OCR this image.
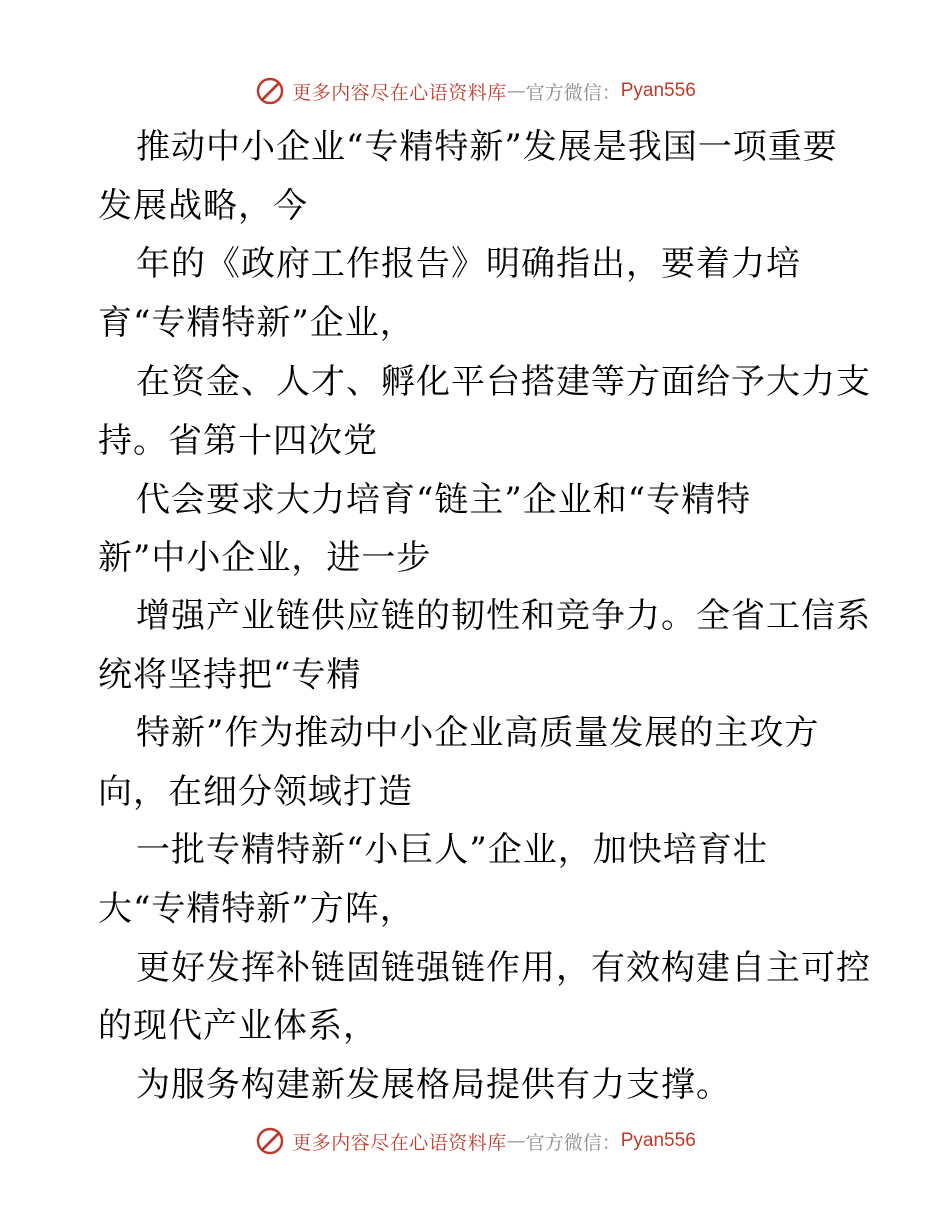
更多内容尽在心语资料库 — 官方微信： Pyan556
推动中小企业“专精特新”发展是我国一项重要
发展战略，今
年的《政府工作报告》明确指出，要着力培
育“专精特新”企业，
在资金、人才、孵化平台搭建等方面给予大力支
持。省第十四次党
代会要求大力培育“链主”企业和“专精特
新”中小企业，进一步
增强产业链供应链的韧性和竞争力。全省工信系
统将坚持把“专精
特新”作为推动中小企业高质量发展的主攻方
向，在细分领域打造
一批专精特新“小巨人”企业，加快培育壮
大“专精特新”方阵，
更好发挥补链固链强链作用，有效构建自主可控
的现代产业体系，
为服务构建新发展格局提供有力支撑。
更多内容尽在心语资料库 — 官方微信： Pyan556
